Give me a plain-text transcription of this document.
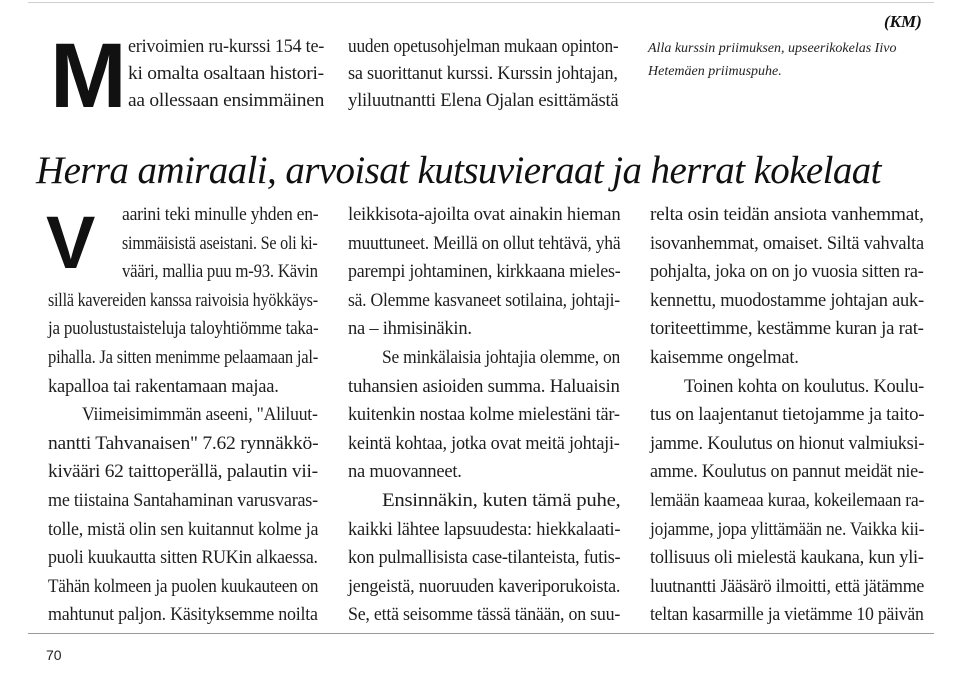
M erivoimien ru-kurssi 154 te-
ki omalta osaltaan histori-
aa ollessaan ensimmäinen
uuden opetusohjelman mukaan opinton-
sa suorittanut kurssi. Kurssin johtajan,
yliluutnantti Elena Ojalan esittämästä
(KM)
Alla kurssin priimuksen, upseerikokelas Iivo
Hetemäen priimuspuhe.
Herra amiraali, arvoisat kutsuvieraat ja herrat kokelaat
V aarini teki minulle yhden en-
simmäisistä aseistani. Se oli ki-
vääri, mallia puu m-93. Kävin
sillä kavereiden kanssa raivoisia hyökkäys-
ja puolustustaisteluja taloyhtiömme taka-
pihalla. Ja sitten menimme pelaamaan jal-
kapalloa tai rakentamaan majaa.
Viimeisimimmän aseeni, "Aliluut-
nantti Tahvanaisen" 7.62 rynnäkkö-
kivääri 62 taittoperällä, palautin vii-
me tiistaina Santahaminan varusvaras-
tolle, mistä olin sen kuitannut kolme ja
puoli kuukautta sitten RUKin alkaessa.
Tähän kolmeen ja puolen kuukauteen on
mahtunut paljon. Käsityksemme noilta
leikkisota-ajoilta ovat ainakin hieman
muuttuneet. Meillä on ollut tehtävä, yhä
parempi johtaminen, kirkkaana mieles-
sä. Olemme kasvaneet sotilaina, johtaji-
na – ihmisinäkin.
Se minkälaisia johtajia olemme, on
tuhansien asioiden summa. Haluaisin
kuitenkin nostaa kolme mielestäni tär-
keintä kohtaa, jotka ovat meitä johtaji-
na muovanneet.
Ensinnäkin, kuten tämä puhe,
kaikki lähtee lapsuudesta: hiekkalaati-
kon pulmallisista case-tilanteista, futis-
jengeistä, nuoruuden kaveriporukoista.
Se, että seisomme tässä tänään, on suu-
relta osin teidän ansiota vanhemmat,
isovanhemmat, omaiset. Siltä vahvalta
pohjalta, joka on on jo vuosia sitten ra-
kennettu, muodostamme johtajan auk-
toriteettimme, kestämme kuran ja rat-
kaisemme ongelmat.
Toinen kohta on koulutus. Koulu-
tus on laajentanut tietojamme ja taito-
jamme. Koulutus on hionut valmiuksi-
amme. Koulutus on pannut meidät nie-
lemään kaameaa kuraa, kokeilemaan ra-
jojamme, jopa ylittämään ne. Vaikka kii-
tollisuus oli mielestä kaukana, kun yli-
luutnantti Jääsärö ilmoitti, että jätämme
teltan kasarmille ja vietämme 10 päivän
70
